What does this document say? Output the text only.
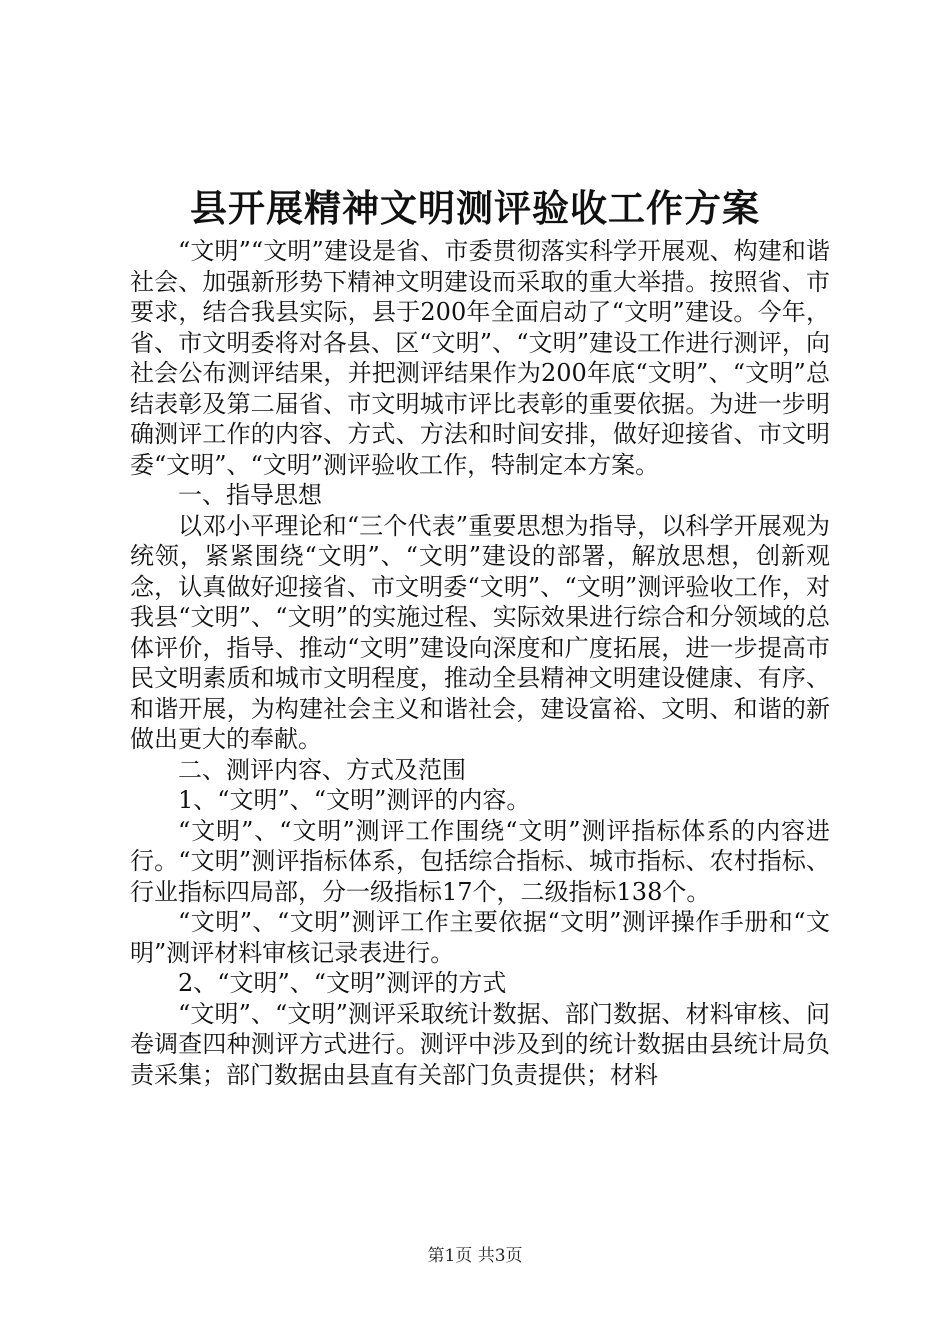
县开展精神文明测评验收工作方案

“文明”“文明”建设是省、市委贯彻落实科学开展观、构建和谐社会、加强新形势下精神文明建设而采取的重大举措。按照省、市要求，结合我县实际，县于200年全面启动了“文明”建设。今年，省、市文明委将对各县、区“文明”、“文明”建设工作进行测评，向社会公布测评结果，并把测评结果作为200年底“文明”、“文明”总结表彰及第二届省、市文明城市评比表彰的重要依据。为进一步明确测评工作的内容、方式、方法和时间安排，做好迎接省、市文明委“文明”、“文明”测评验收工作，特制定本方案。

一、指导思想

以邓小平理论和“三个代表”重要思想为指导，以科学开展观为统领，紧紧围绕“文明”、“文明”建设的部署，解放思想，创新观念，认真做好迎接省、市文明委“文明”、“文明”测评验收工作，对我县“文明”、“文明”的实施过程、实际效果进行综合和分领域的总体评价，指导、推动“文明”建设向深度和广度拓展，进一步提高市民文明素质和城市文明程度，推动全县精神文明建设健康、有序、和谐开展，为构建社会主义和谐社会，建设富裕、文明、和谐的新做出更大的奉献。

二、测评内容、方式及范围

1、“文明”、“文明”测评的内容。

“文明”、“文明”测评工作围绕“文明”测评指标体系的内容进行。“文明”测评指标体系，包括综合指标、城市指标、农村指标、行业指标四局部，分一级指标17个，二级指标138个。

“文明”、“文明”测评工作主要依据“文明”测评操作手册和“文明”测评材料审核记录表进行。

2、“文明”、“文明”测评的方式

“文明”、“文明”测评采取统计数据、部门数据、材料审核、问卷调查四种测评方式进行。测评中涉及到的统计数据由县统计局负责采集；部门数据由县直有关部门负责提供；材料

第1页 共3页
